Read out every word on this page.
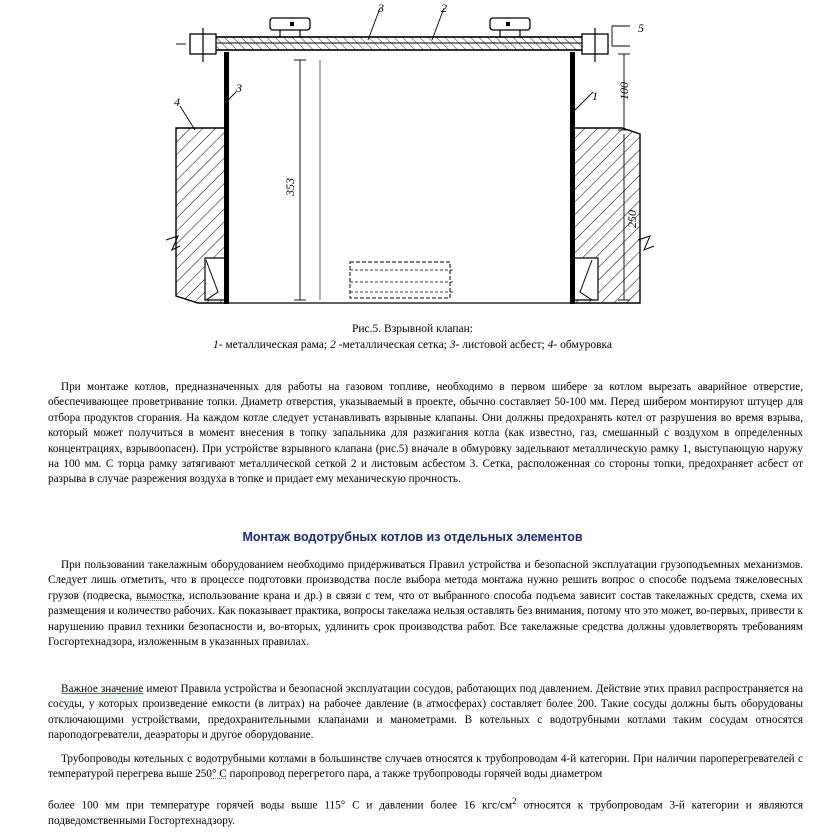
3	2
1
4
3
5
100
353
250
Рис.5. Взрывной клапан:
1- металлическая рама; 2 -металлическая сетка; 3- листовой асбест; 4- обмуровка
При монтаже котлов, предназначенных для работы на газовом топливе, необходимо в первом шибере за котлом вырезать аварийное отверстие, обеспечивающее проветривание топки. Диаметр отверстия, указываемый в проекте, обычно составляет 50-100 мм. Перед шибером монтируют штуцер для отбора продуктов сгорания. На каждом котле следует устанавливать взрывные клапаны. Они должны предохранять котел от разрушения во время взрыва, который может получиться в момент внесения в топку запальника для разжигания котла (как известно, газ, смешанный с воздухом в определенных концентрациях, взрывоопасен). При устройстве взрывного клапана (рис.5) вначале в обмуровку задельвают металлическую рамку 1, выступающую наружу на 100 мм. С торца рамку затягивают металлической сеткой 2 и листовым асбестом 3. Сетка, расположенная со стороны топки, предохраняет асбест от разрыва в случае разрежения воздуха в топке и придает ему механическую прочность.
Монтаж водотрубных котлов из отдельных элементов
При пользовании такелажным оборудованием необходимо придерживаться Правил устройства и безопасной эксплуатации грузоподъемных механизмов. Следует лишь отметить, что в процессе подготовки производства после выбора метода монтажа нужно решить вопрос о способе подъема тяжеловесных грузов (подвеска, вымостка, использование крана и др.) в связи с тем, что от выбранного способа подъема зависит состав такелажных средств, схема их размещения и количество рабочих. Как показывает практика, вопросы такелажа нельзя оставлять без внимания, потому что это может, во-первых, привести к нарушению правил техники безопасности и, во-вторых, удлинить срок производства работ. Все такелажные средства должны удовлетворять требованиям Госгортехнадзора, изложенным в указанных правилах.
Важное значение имеют Правила устройства и безопасной эксплуатации сосудов, работающих под давлением. Действие этих правил распространяется на сосуды, у которых произведение емкости (в литрах) на рабочее давление (в атмосферах) составляет более 200. Такие сосуды должны быть оборудованы отключающими устройствами, предохранительными клапанами и манометрами. В котельных с водотрубными котлами таким сосудам относятся пароподогреватели, деаэраторы и другое оборудование.
Трубопроводы котельных с водотрубными котлами в большинстве случаев относятся к трубопроводам 4-й категории. При наличии пароперегревателей с температурой перегрева выше 250° С паропровод перегретого пара, а также трубопроводы горячей воды диаметром
более 100 мм при температуре горячей воды выше 115° С и давлении более 16 кгс/см$^2$ относятся к трубопроводам 3-й категории и являются подведомственными Госгортехнадзору.
